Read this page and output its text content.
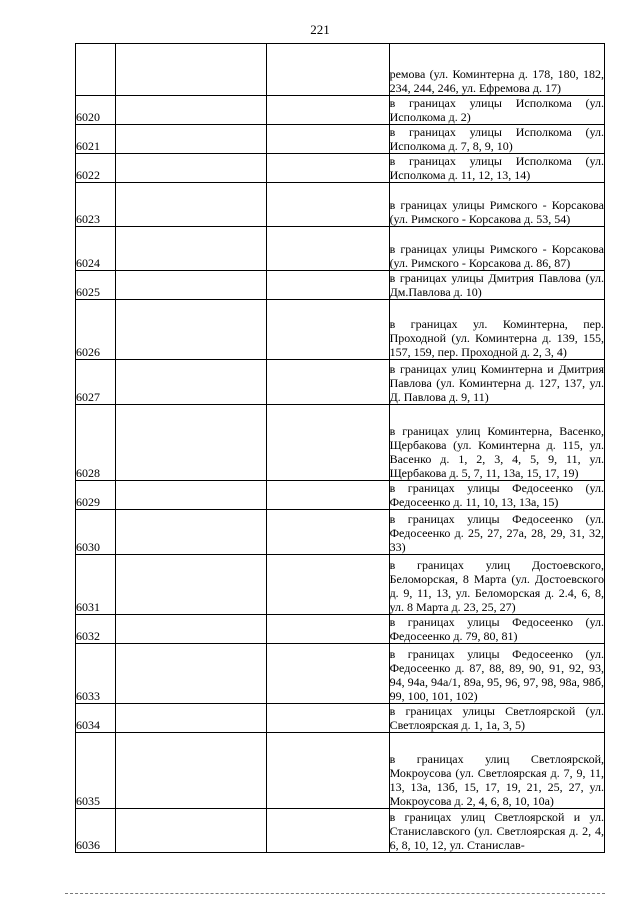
221
			ремова (ул. Коминтерна д. 178, 180, 182, 234, 244, 246, ул. Ефремова д. 17)
6020			в границах улицы Исполкома (ул. Исполкома д. 2)
6021			в границах улицы Исполкома (ул. Исполкома д. 7, 8, 9, 10)
6022			в границах улицы Исполкома (ул. Исполкома д. 11, 12, 13, 14)
6023			в границах улицы Римского - Корсакова (ул. Римского - Корсакова д. 53, 54)
6024			в границах улицы Римского - Корсакова (ул. Римского - Корсакова д. 86, 87)
6025			в границах улицы Дмитрия Павлова (ул. Дм.Павлова д. 10)
6026			в границах ул. Коминтерна, пер. Проходной (ул. Коминтерна д. 139, 155, 157, 159, пер. Проходной д. 2, 3, 4)
6027			в границах улиц Коминтерна и Дмитрия Павлова (ул. Коминтерна д. 127, 137, ул. Д. Павлова д. 9, 11)
6028			в границах улиц Коминтерна, Васенко, Щербакова (ул. Коминтерна д. 115, ул. Васенко д. 1, 2, 3, 4, 5, 9, 11, ул. Щербакова д. 5, 7, 11, 13а, 15, 17, 19)
6029			в границах улицы Федосеенко (ул. Федосеенко д. 11, 10, 13, 13а, 15)
6030			в границах улицы Федосеенко (ул. Федосеенко д. 25, 27, 27а, 28, 29, 31, 32, 33)
6031			в границах улиц Достоевского, Беломорская, 8 Марта (ул. Достоевского д. 9, 11, 13, ул. Беломорская д. 2.4, 6, 8, ул. 8 Марта д. 23, 25, 27)
6032			в границах улицы Федосеенко (ул. Федосеенко д. 79, 80, 81)
6033			в границах улицы Федосеенко (ул. Федосеенко д. 87, 88, 89, 90, 91, 92, 93, 94, 94а, 94а/1, 89а, 95, 96, 97, 98, 98а, 98б, 99, 100, 101, 102)
6034			в границах улицы Светлоярской (ул. Светлоярская д. 1, 1а, 3, 5)
6035			в границах улиц Светлоярской, Мокроусова (ул. Светлоярская д. 7, 9, 11, 13, 13а, 13б, 15, 17, 19, 21, 25, 27, ул. Мокроусова д. 2, 4, 6, 8, 10, 10а)
6036			в границах улиц Светлоярской и ул. Станиславского (ул. Светлоярская д. 2, 4, 6, 8, 10, 12, ул. Станислав-
